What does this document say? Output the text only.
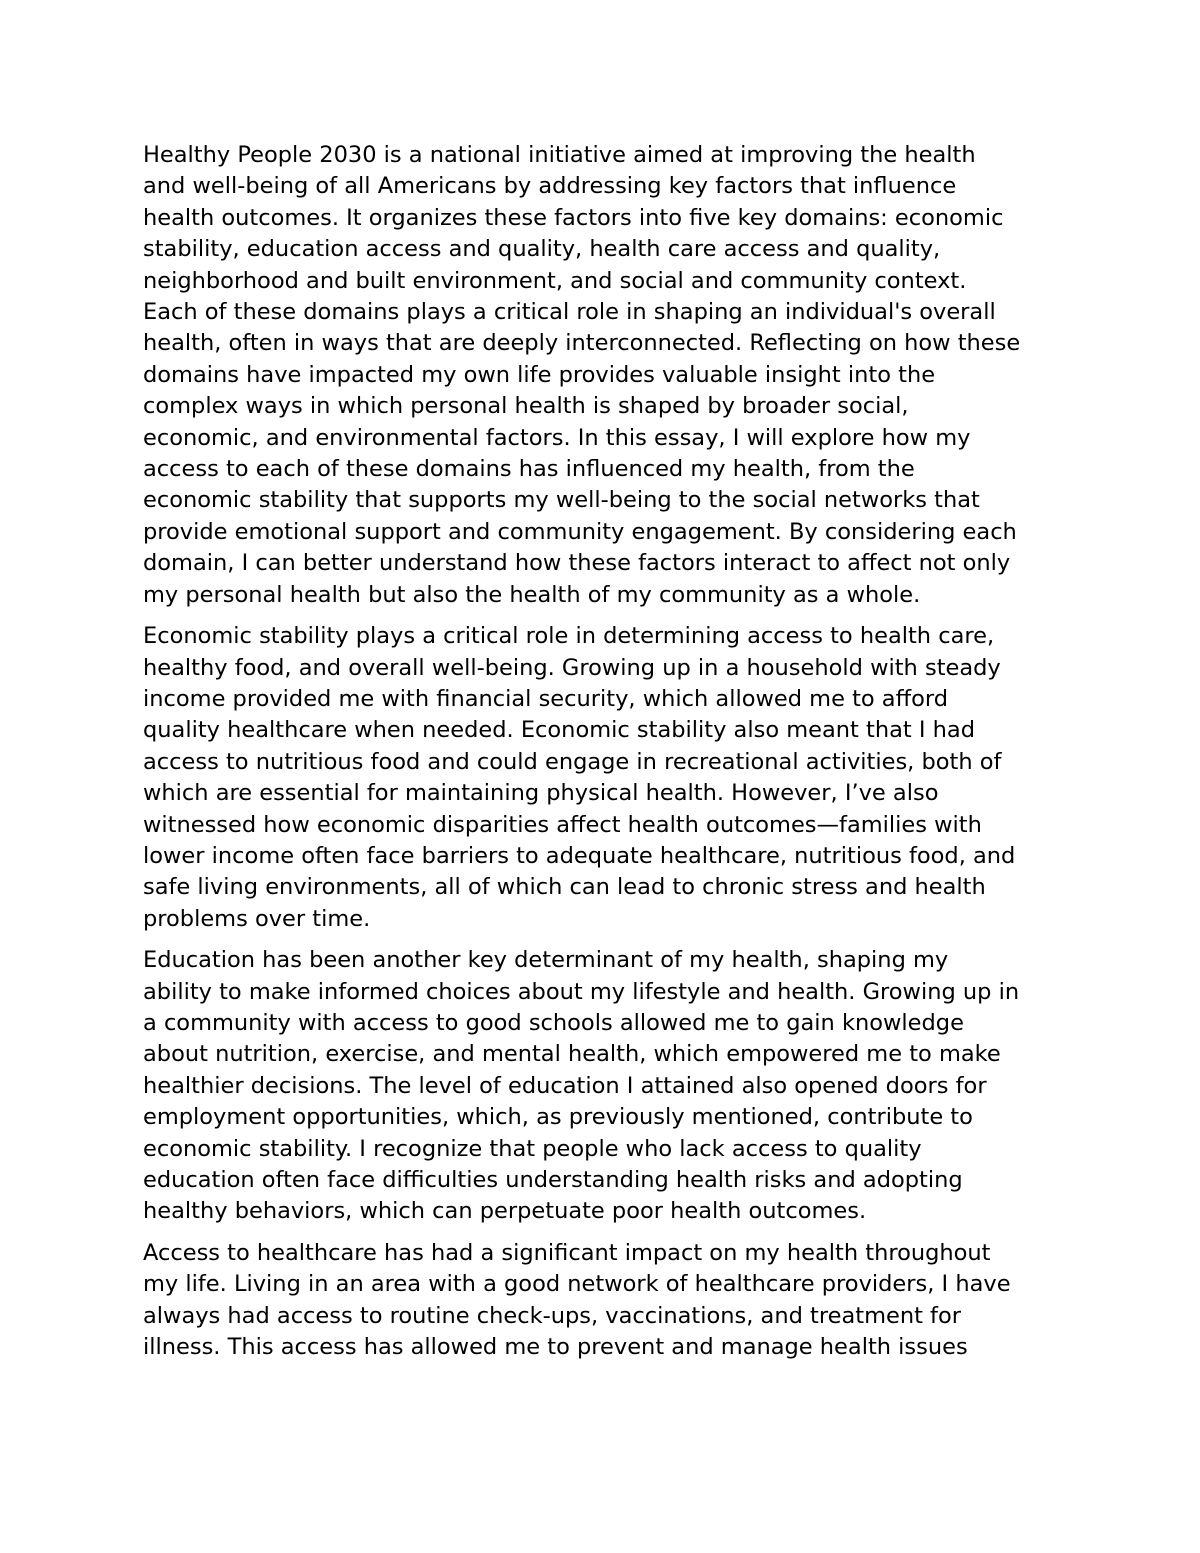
Healthy People 2030 is a national initiative aimed at improving the health
and well-being of all Americans by addressing key factors that influence
health outcomes. It organizes these factors into five key domains: economic
stability, education access and quality, health care access and quality,
neighborhood and built environment, and social and community context.
Each of these domains plays a critical role in shaping an individual's overall
health, often in ways that are deeply interconnected. Reflecting on how these
domains have impacted my own life provides valuable insight into the
complex ways in which personal health is shaped by broader social,
economic, and environmental factors. In this essay, I will explore how my
access to each of these domains has influenced my health, from the
economic stability that supports my well-being to the social networks that
provide emotional support and community engagement. By considering each
domain, I can better understand how these factors interact to affect not only
my personal health but also the health of my community as a whole.

Economic stability plays a critical role in determining access to health care,
healthy food, and overall well-being. Growing up in a household with steady
income provided me with financial security, which allowed me to afford
quality healthcare when needed. Economic stability also meant that I had
access to nutritious food and could engage in recreational activities, both of
which are essential for maintaining physical health. However, I’ve also
witnessed how economic disparities affect health outcomes—families with
lower income often face barriers to adequate healthcare, nutritious food, and
safe living environments, all of which can lead to chronic stress and health
problems over time.

Education has been another key determinant of my health, shaping my
ability to make informed choices about my lifestyle and health. Growing up in
a community with access to good schools allowed me to gain knowledge
about nutrition, exercise, and mental health, which empowered me to make
healthier decisions. The level of education I attained also opened doors for
employment opportunities, which, as previously mentioned, contribute to
economic stability. I recognize that people who lack access to quality
education often face difficulties understanding health risks and adopting
healthy behaviors, which can perpetuate poor health outcomes.

Access to healthcare has had a significant impact on my health throughout
my life. Living in an area with a good network of healthcare providers, I have
always had access to routine check-ups, vaccinations, and treatment for
illness. This access has allowed me to prevent and manage health issues
